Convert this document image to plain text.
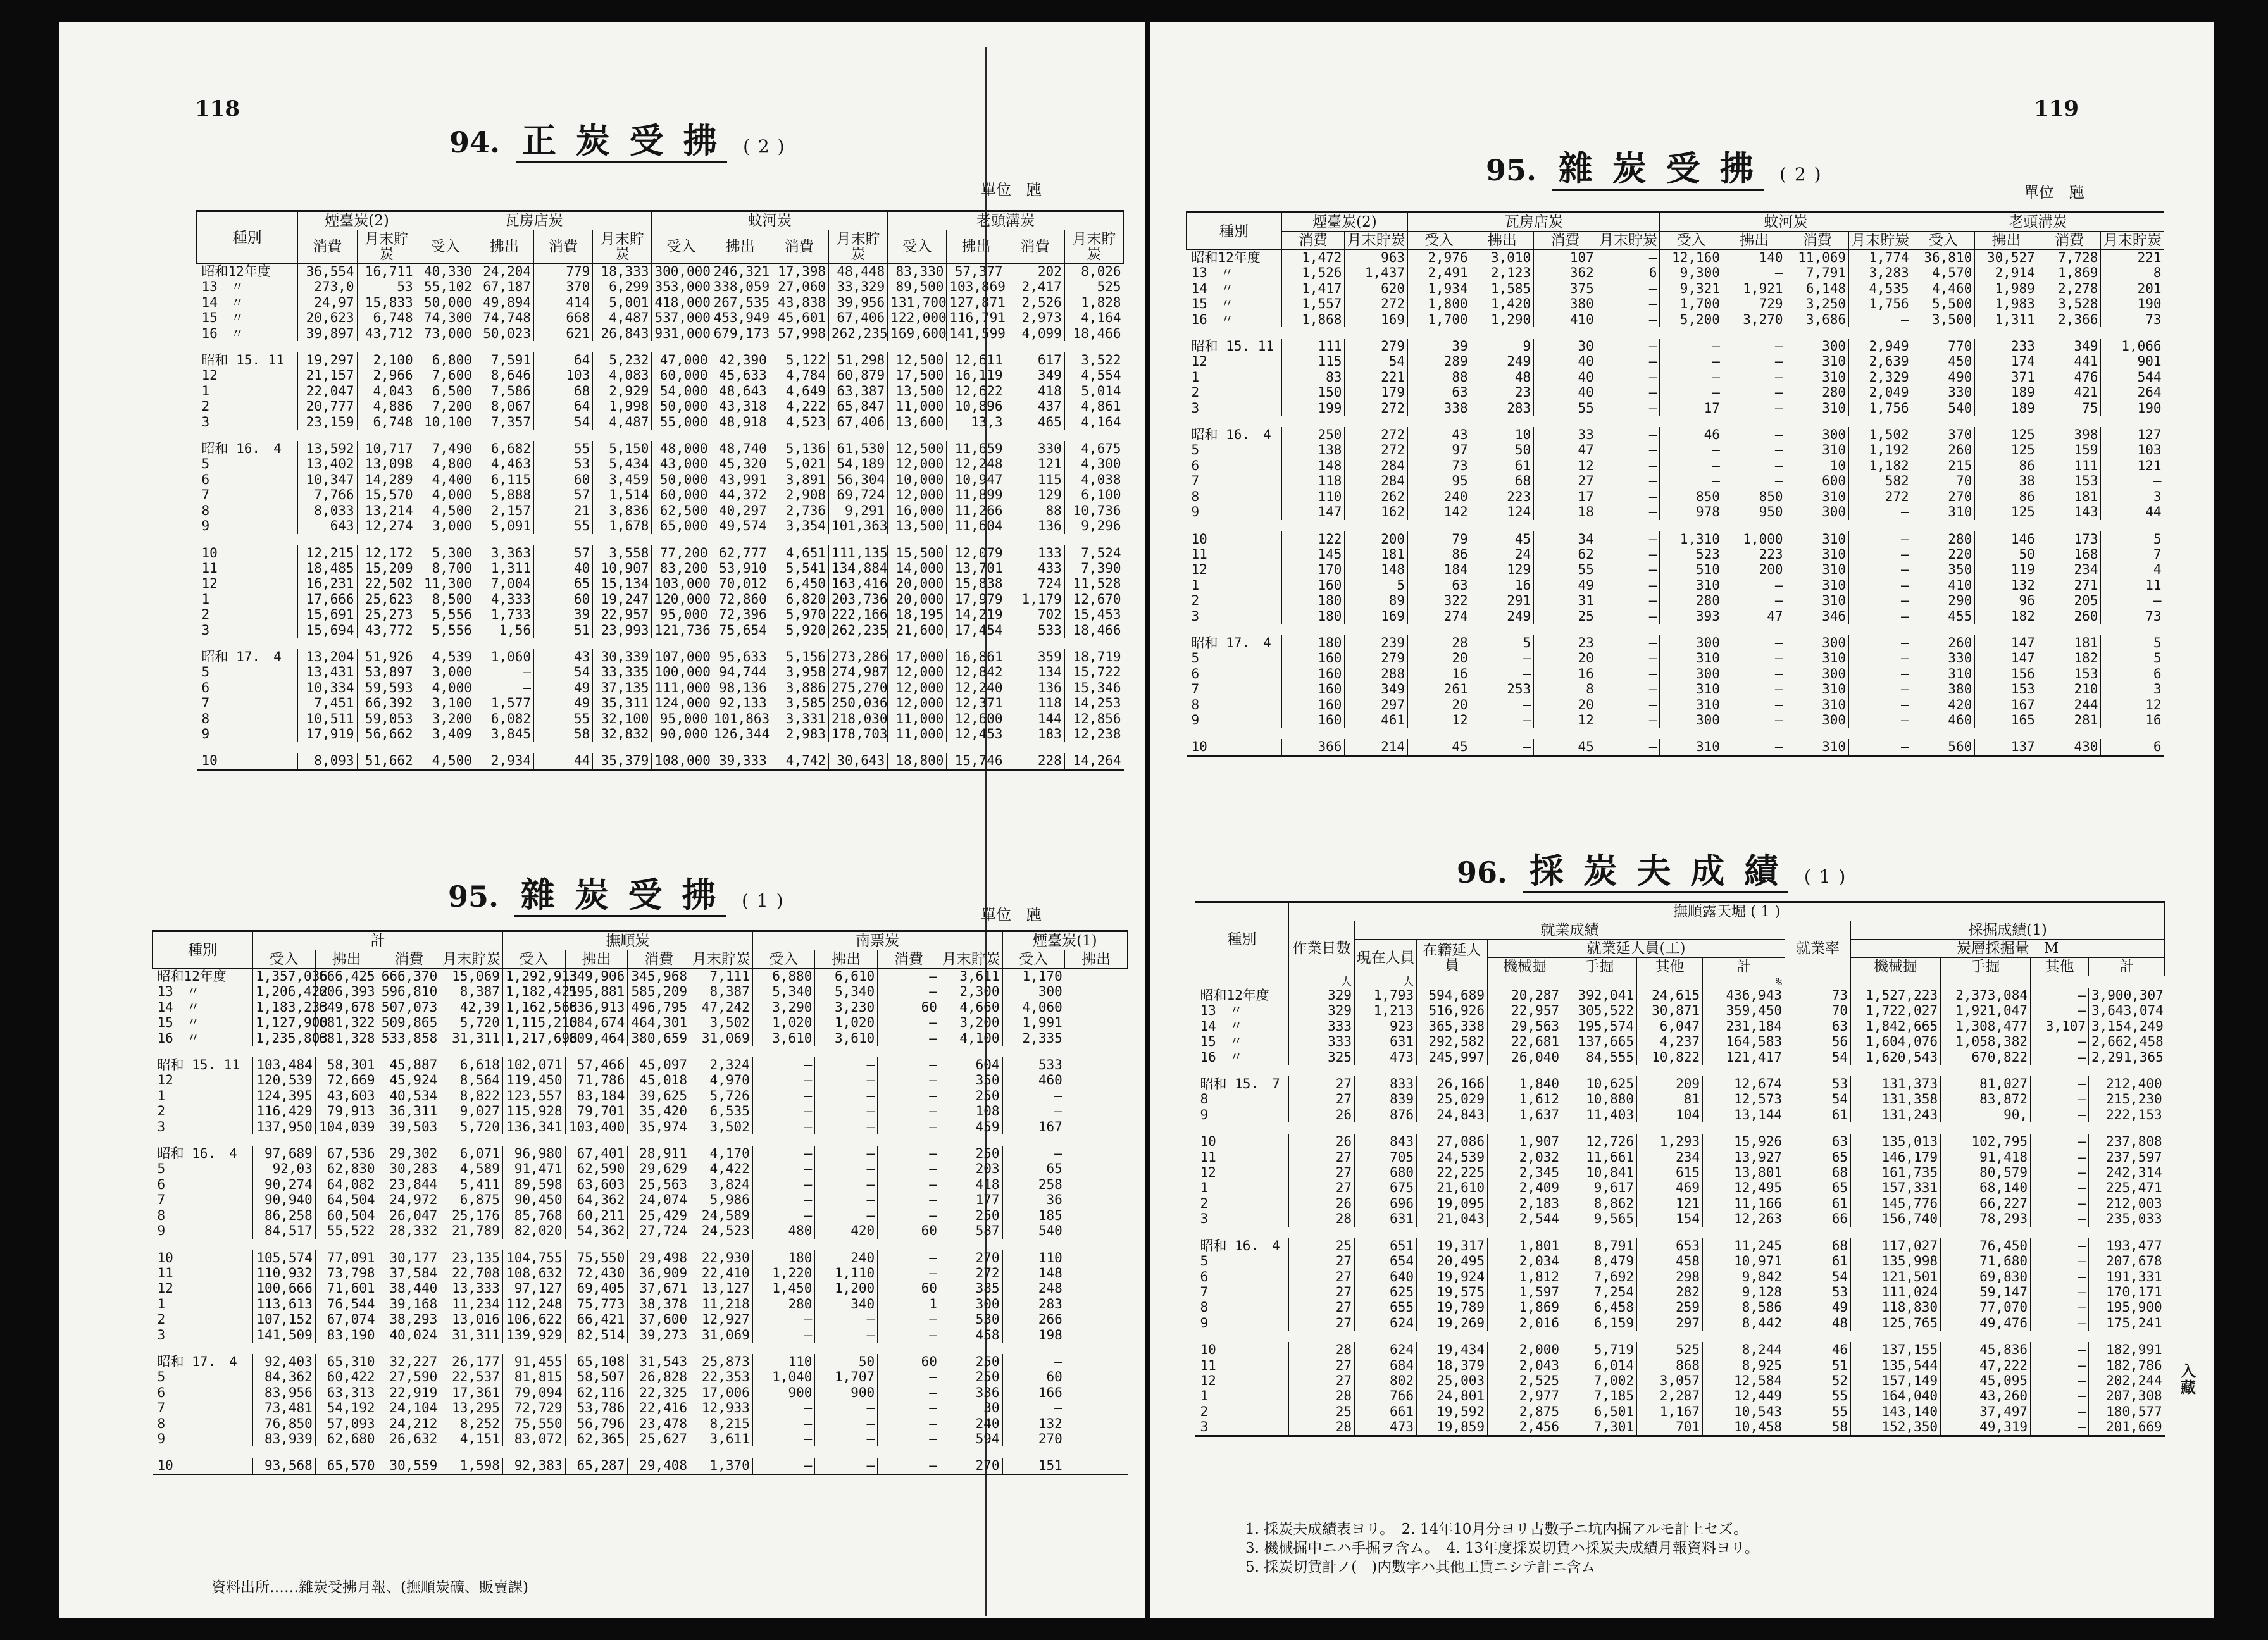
118
94. 正 炭 受 拂 ( 2 )
單位　瓲
種別	煙臺炭(2)		瓦房店炭				蚊河炭				老頭溝炭			
	消費	月末貯炭	受入	拂出	消費	月末貯炭	受入	拂出	消費	月末貯炭	受入	拂出	消費	月末貯炭
昭和12年度	36,554	16,711	40,330	24,204	779	18,333	300,000	246,321	17,398	48,448	83,330	57,377	202	8,026
13　〃	273,0	53	55,102	67,187	370	6,299	353,000	338,059	27,060	33,329	89,500	103,869	2,417	525
14　〃	24,97	15,833	50,000	49,894	414	5,001	418,000	267,535	43,838	39,956	131,700	127,871	2,526	1,828
15　〃	20,623	6,748	74,300	74,748	668	4,487	537,000	453,949	45,601	67,406	122,000	116,791	2,973	4,164
16　〃	39,897	43,712	73,000	50,023	621	26,843	931,000	679,173	57,998	262,235	169,600	141,599	4,099	18,466

昭和 15. 11	19,297	2,100	6,800	7,591	64	5,232	47,000	42,390	5,122	51,298	12,500	12,611	617	3,522
12	21,157	2,966	7,600	8,646	103	4,083	60,000	45,633	4,784	60,879	17,500	16,119	349	4,554
1	22,047	4,043	6,500	7,586	68	2,929	54,000	48,643	4,649	63,387	13,500	12,622	418	5,014
2	20,777	4,886	7,200	8,067	64	1,998	50,000	43,318	4,222	65,847	11,000	10,896	437	4,861
3	23,159	6,748	10,100	7,357	54	4,487	55,000	48,918	4,523	67,406	13,600	13,3	465	4,164

昭和 16.　4	13,592	10,717	7,490	6,682	55	5,150	48,000	48,740	5,136	61,530	12,500	11,659	330	4,675
5	13,402	13,098	4,800	4,463	53	5,434	43,000	45,320	5,021	54,189	12,000	12,248	121	4,300
6	10,347	14,289	4,400	6,115	60	3,459	50,000	43,991	3,891	56,304	10,000	10,947	115	4,038
7	7,766	15,570	4,000	5,888	57	1,514	60,000	44,372	2,908	69,724	12,000	11,899	129	6,100
8	8,033	13,214	4,500	2,157	21	3,836	62,500	40,297	2,736	9,291	16,000	11,266	88	10,736
9	643	12,274	3,000	5,091	55	1,678	65,000	49,574	3,354	101,363	13,500	11,604	136	9,296

10	12,215	12,172	5,300	3,363	57	3,558	77,200	62,777	4,651	111,135	15,500	12,079	133	7,524
11	18,485	15,209	8,700	1,311	40	10,907	83,200	53,910	5,541	134,884	14,000	13,701	433	7,390
12	16,231	22,502	11,300	7,004	65	15,134	103,000	70,012	6,450	163,416	20,000	15,838	724	11,528
1	17,666	25,623	8,500	4,333	60	19,247	120,000	72,860	6,820	203,736	20,000	17,979	1,179	12,670
2	15,691	25,273	5,556	1,733	39	22,957	95,000	72,396	5,970	222,166	18,195	14,219	702	15,453
3	15,694	43,772	5,556	1,56	51	23,993	121,736	75,654	5,920	262,235	21,600	17,454	533	18,466

昭和 17.　4	13,204	51,926	4,539	1,060	43	30,339	107,000	95,633	5,156	273,286	17,000	16,861	359	18,719
5	13,431	53,897	3,000	—	54	33,335	100,000	94,744	3,958	274,987	12,000	12,842	134	15,722
6	10,334	59,593	4,000	—	49	37,135	111,000	98,136	3,886	275,270	12,000	12,240	136	15,346
7	7,451	66,392	3,100	1,577	49	35,311	124,000	92,133	3,585	250,036	12,000	12,371	118	14,253
8	10,511	59,053	3,200	6,082	55	32,100	95,000	101,863	3,331	218,030	11,000	12,600	144	12,856
9	17,919	56,662	3,409	3,845	58	32,832	90,000	126,344	2,983	178,703	11,000	12,453	183	12,238

10	8,093	51,662	4,500	2,934	44	35,379	108,000	39,333	4,742	30,643	18,800	15,746	228	14,264
95. 雜 炭 受 拂 ( 1 )
單位　瓲
種別	計				撫順炭				南票炭				煙臺炭(1)	
	受入	拂出	消費	月末貯炭	受入	拂出	消費	月末貯炭	受入	拂出	消費	月末貯炭	受入	拂出
昭和12年度	1,357,036	666,425	666,370	15,069	1,292,913	349,906	345,968	7,111	6,880	6,610	—	3,611	1,170	
13　〃	1,206,422	606,393	596,810	8,387	1,182,421	595,881	585,209	8,387	5,340	5,340	—	2,300	300	
14　〃	1,183,233	649,678	507,073	42,39	1,162,568	636,913	496,795	47,242	3,290	3,230	60	4,660	4,060	
15　〃	1,127,900	681,322	509,865	5,720	1,115,210	684,674	464,301	3,502	1,020	1,020	—	3,200	1,991	
16　〃	1,235,803	681,328	533,858	31,311	1,217,696	809,464	380,659	31,069	3,610	3,610	—	4,100	2,335	

昭和 15. 11	103,484	58,301	45,887	6,618	102,071	57,466	45,097	2,324	—	—	—	604	533	
12	120,539	72,669	45,924	8,564	119,450	71,786	45,018	4,970	—	—	—	350	460	
1	124,395	43,603	40,534	8,822	123,557	83,184	39,625	5,726	—	—	—	250	—	
2	116,429	79,913	36,311	9,027	115,928	79,701	35,420	6,535	—	—	—	108	—	
3	137,950	104,039	39,503	5,720	136,341	103,400	35,974	3,502	—	—	—	459	167	

昭和 16.　4	97,689	67,536	29,302	6,071	96,980	67,401	28,911	4,170	—	—	—	250	—	
5	92,03	62,830	30,283	4,589	91,471	62,590	29,629	4,422	—	—	—	203	65	
6	90,274	64,082	23,844	5,411	89,598	63,603	25,563	3,824	—	—	—	418	258	
7	90,940	64,504	24,972	6,875	90,450	64,362	24,074	5,986	—	—	—	177	36	
8	86,258	60,504	26,047	25,176	85,768	60,211	25,429	24,589	—	—	—	250	185	
9	84,517	55,522	28,332	21,789	82,020	54,362	27,724	24,523	480	420	60	587	540	

10	105,574	77,091	30,177	23,135	104,755	75,550	29,498	22,930	180	240	—	270	110	
11	110,932	73,798	37,584	22,708	108,632	72,430	36,909	22,410	1,220	1,110	—	272	148	
12	100,666	71,601	38,440	13,333	97,127	69,405	37,671	13,127	1,450	1,200	60	385	248	
1	113,613	76,544	39,168	11,234	112,248	75,773	38,378	11,218	280	340	1	300	283	
2	107,152	67,074	38,293	13,016	106,622	66,421	37,600	12,927	—	—	—	530	266	
3	141,509	83,190	40,024	31,311	139,929	82,514	39,273	31,069	—	—	—	458	198	

昭和 17.　4	92,403	65,310	32,227	26,177	91,455	65,108	31,543	25,873	110	50	60	250	—	
5	84,362	60,422	27,590	22,537	81,815	58,507	26,828	22,353	1,040	1,707	—	250	60	
6	83,956	63,313	22,919	17,361	79,094	62,116	22,325	17,006	900	900	—	336	166	
7	73,481	54,192	24,104	13,295	72,729	53,786	22,416	12,933	—	—	—	30	—	
8	76,850	57,093	24,212	8,252	75,550	56,796	23,478	8,215	—	—	—	240	132	
9	83,939	62,680	26,632	4,151	83,072	62,365	25,627	3,611	—	—	—	594	270	

10	93,568	65,570	30,559	1,598	92,383	65,287	29,408	1,370	—	—	—	270	151	
資料出所……雜炭受拂月報、(撫順炭礦、販賣課)
119
95. 雜 炭 受 拂 ( 2 )
單位　瓲
種別	煙臺炭(2)		瓦房店炭				蚊河炭				老頭溝炭			
	消費	月末貯炭	受入	拂出	消費	月末貯炭	受入	拂出	消費	月末貯炭	受入	拂出	消費	月末貯炭
昭和12年度	1,472	963	2,976	3,010	107	—	12,160	140	11,069	1,774	36,810	30,527	7,728	221
13　〃	1,526	1,437	2,491	2,123	362	6	9,300	—	7,791	3,283	4,570	2,914	1,869	8
14　〃	1,417	620	1,934	1,585	375	—	9,321	1,921	6,148	4,535	4,460	1,989	2,278	201
15　〃	1,557	272	1,800	1,420	380	—	1,700	729	3,250	1,756	5,500	1,983	3,528	190
16　〃	1,868	169	1,700	1,290	410	—	5,200	3,270	3,686	—	3,500	1,311	2,366	73

昭和 15. 11	111	279	39	9	30	—	—	—	300	2,949	770	233	349	1,066
12	115	54	289	249	40	—	—	—	310	2,639	450	174	441	901
1	83	221	88	48	40	—	—	—	310	2,329	490	371	476	544
2	150	179	63	23	40	—	—	—	280	2,049	330	189	421	264
3	199	272	338	283	55	—	17	—	310	1,756	540	189	75	190

昭和 16.　4	250	272	43	10	33	—	46	—	300	1,502	370	125	398	127
5	138	272	97	50	47	—	—	—	310	1,192	260	125	159	103
6	148	284	73	61	12	—	—	—	10	1,182	215	86	111	121
7	118	284	95	68	27	—	—	—	600	582	70	38	153	—
8	110	262	240	223	17	—	850	850	310	272	270	86	181	3
9	147	162	142	124	18	—	978	950	300	—	310	125	143	44

10	122	200	79	45	34	—	1,310	1,000	310	—	280	146	173	5
11	145	181	86	24	62	—	523	223	310	—	220	50	168	7
12	170	148	184	129	55	—	510	200	310	—	350	119	234	4
1	160	5	63	16	49	—	310	—	310	—	410	132	271	11
2	180	89	322	291	31	—	280	—	310	—	290	96	205	—
3	180	169	274	249	25	—	393	47	346	—	455	182	260	73

昭和 17.　4	180	239	28	5	23	—	300	—	300	—	260	147	181	5
5	160	279	20	—	20	—	310	—	310	—	330	147	182	5
6	160	288	16	—	16	—	300	—	300	—	310	156	153	6
7	160	349	261	253	8	—	310	—	310	—	380	153	210	3
8	160	297	20	—	20	—	310	—	310	—	420	167	244	12
9	160	461	12	—	12	—	300	—	300	—	460	165	281	16

10	366	214	45	—	45	—	310	—	310	—	560	137	430	6
96. 採 炭 夫 成 績 ( 1 )
種別	撫順露天堀 ( 1 )											
	作業日數	就業成績						就業率	採掘成績(1)			
		現在人員	在籍延人員	就業延人員(工)					炭層採掘量　M			
				機械掘	手掘	其他	計		機械掘	手掘	其他	計
	人	人					%					
昭和12年度	329	1,793	594,689	20,287	392,041	24,615	436,943	73	1,527,223	2,373,084	—	3,900,307
13　〃	329	1,213	516,926	22,957	305,522	30,871	359,450	70	1,722,027	1,921,047	—	3,643,074
14　〃	333	923	365,338	29,563	195,574	6,047	231,184	63	1,842,665	1,308,477	3,107	3,154,249
15　〃	333	631	292,582	22,681	137,665	4,237	164,583	56	1,604,076	1,058,382	—	2,662,458
16　〃	325	473	245,997	26,040	84,555	10,822	121,417	54	1,620,543	670,822	—	2,291,365

昭和 15.　7	27	833	26,166	1,840	10,625	209	12,674	53	131,373	81,027	—	212,400
8	27	839	25,029	1,612	10,880	81	12,573	54	131,358	83,872	—	215,230
9	26	876	24,843	1,637	11,403	104	13,144	61	131,243	90,	—	222,153

10	26	843	27,086	1,907	12,726	1,293	15,926	63	135,013	102,795	—	237,808
11	27	705	24,539	2,032	11,661	234	13,927	65	146,179	91,418	—	237,597
12	27	680	22,225	2,345	10,841	615	13,801	68	161,735	80,579	—	242,314
1	27	675	21,610	2,409	9,617	469	12,495	65	157,331	68,140	—	225,471
2	26	696	19,095	2,183	8,862	121	11,166	61	145,776	66,227	—	212,003
3	28	631	21,043	2,544	9,565	154	12,263	66	156,740	78,293	—	235,033

昭和 16.　4	25	651	19,317	1,801	8,791	653	11,245	68	117,027	76,450	—	193,477
5	27	654	20,495	2,034	8,479	458	10,971	61	135,998	71,680	—	207,678
6	27	640	19,924	1,812	7,692	298	9,842	54	121,501	69,830	—	191,331
7	27	625	19,575	1,597	7,254	282	9,128	53	111,024	59,147	—	170,171
8	27	655	19,789	1,869	6,458	259	8,586	49	118,830	77,070	—	195,900
9	27	624	19,269	2,016	6,159	297	8,442	48	125,765	49,476	—	175,241

10	28	624	19,434	2,000	5,719	525	8,244	46	137,155	45,836	—	182,991
11	27	684	18,379	2,043	6,014	868	8,925	51	135,544	47,222	—	182,786
12	27	802	25,003	2,525	7,002	3,057	12,584	52	157,149	45,095	—	202,244
1	28	766	24,801	2,977	7,185	2,287	12,449	55	164,040	43,260	—	207,308
2	25	661	19,592	2,875	6,501	1,167	10,543	55	143,140	37,497	—	180,577
3	28	473	19,859	2,456	7,301	701	10,458	58	152,350	49,319	—	201,669
1. 採炭夫成績表ヨリ。　2. 14年10月分ヨリ古數子ニ坑内掘アルモ計上セズ。
3. 機械掘中ニハ手掘ヲ含ム。　4. 13年度採炭切賃ハ採炭夫成績月報資料ヨリ。
5. 採炭切賃計ノ(　)内數字ハ其他工賃ニシテ計ニ含ム
入藏
